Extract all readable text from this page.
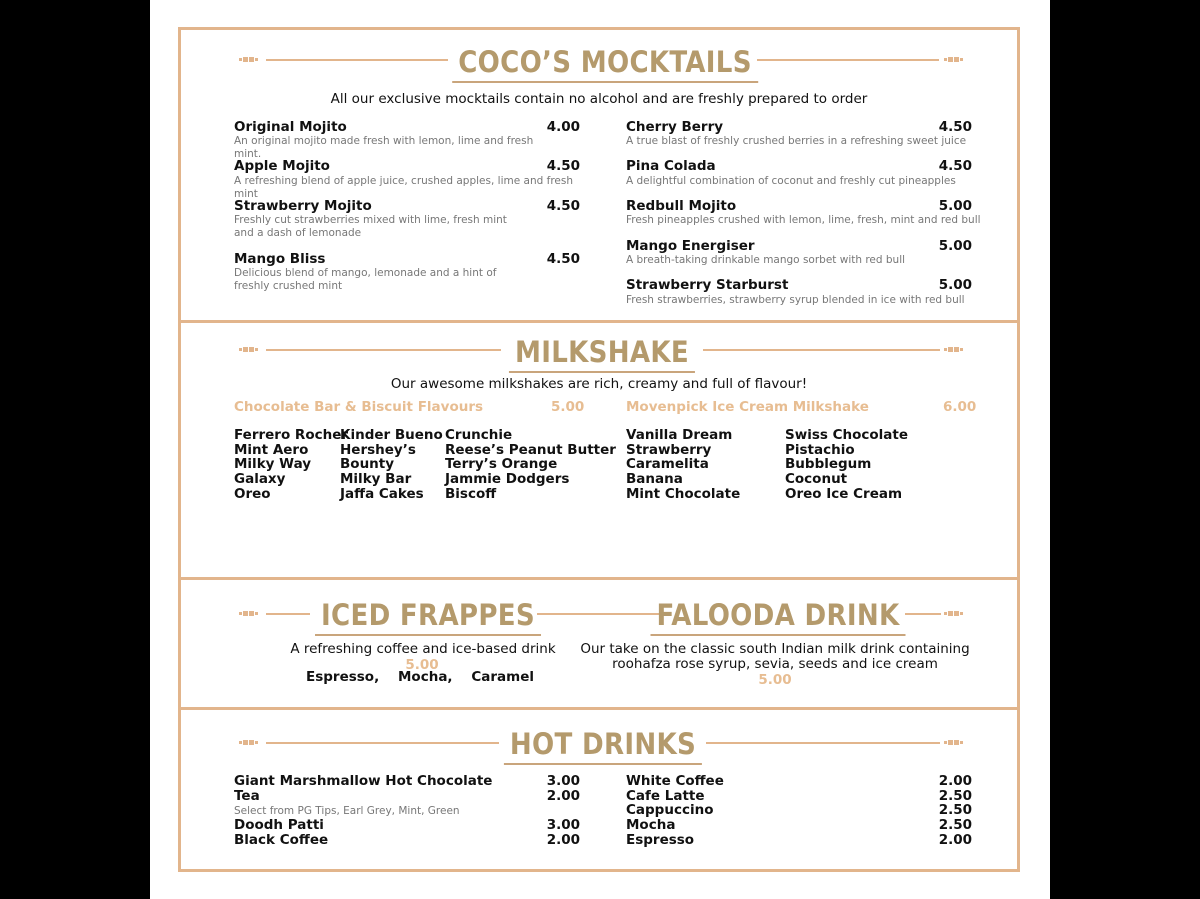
COCO’S MOCKTAILS
All our exclusive mocktails contain no alcohol and are freshly prepared to order
Original Mojito	4.00
An original mojito made fresh with lemon, lime and fresh mint.
Apple Mojito	4.50
A refreshing blend of apple juice, crushed apples, lime and fresh mint
Strawberry Mojito	4.50
Freshly cut strawberries mixed with lime, fresh mint and a dash of lemonade
Mango Bliss	4.50
Delicious blend of mango, lemonade and a hint of freshly crushed mint
Cherry Berry	4.50
A true blast of freshly crushed berries in a refreshing sweet juice
Pina Colada	4.50
A delightful combination of coconut and freshly cut pineapples
Redbull Mojito	5.00
Fresh pineapples crushed with lemon, lime, fresh, mint and red bull
Mango Energiser	5.00
A breath-taking drinkable mango sorbet with red bull
Strawberry Starburst	5.00
Fresh strawberries, strawberry syrup blended in ice with red bull
MILKSHAKE
Our awesome milkshakes are rich, creamy and full of flavour!
Chocolate Bar & Biscuit Flavours	5.00	Movenpick Ice Cream Milkshake	6.00
Ferrero Rocher
Mint Aero
Milky Way
Galaxy
Oreo
Kinder Bueno
Hershey’s
Bounty
Milky Bar
Jaffa Cakes
Crunchie
Reese’s Peanut Butter
Terry’s Orange
Jammie Dodgers
Biscoff
Vanilla Dream
Strawberry
Caramelita
Banana
Mint Chocolate
Swiss Chocolate
Pistachio
Bubblegum
Coconut
Oreo Ice Cream
ICED FRAPPES	FALOODA DRINK
A refreshing coffee and ice-based drink
5.00
Espresso,    Mocha,    Caramel
Our take on the classic south Indian milk drink containing
roohafza rose syrup, sevia, seeds and ice cream
5.00
HOT DRINKS
Giant Marshmallow Hot Chocolate	3.00
Tea	2.00
Select from PG Tips, Earl Grey, Mint, Green
Doodh Patti	3.00
Black Coffee	2.00
White Coffee	2.00
Cafe Latte	2.50
Cappuccino	2.50
Mocha	2.50
Espresso	2.00
